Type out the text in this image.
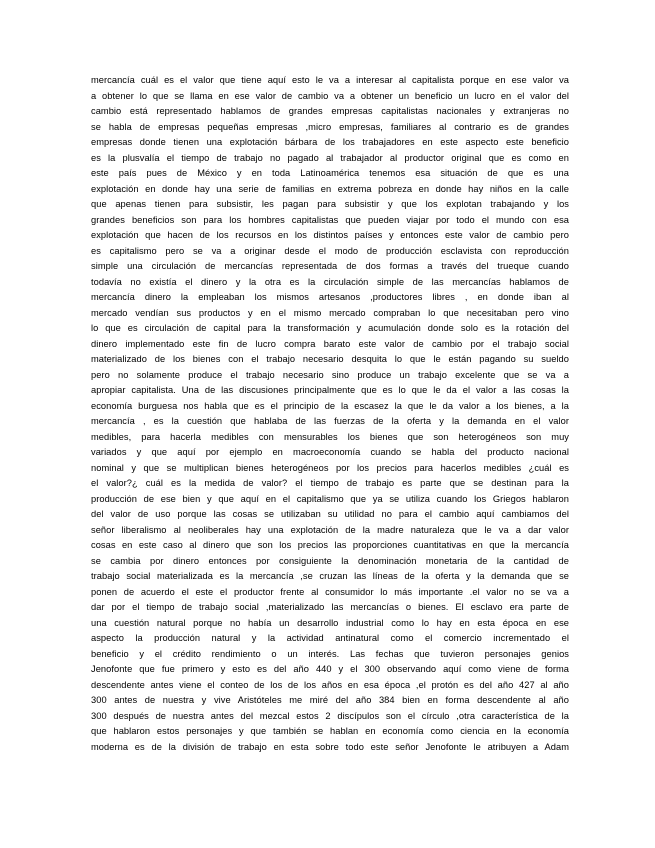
mercancía cuál es el valor que tiene aquí esto le va a interesar al capitalista porque en ese valor va
a obtener lo que se llama en ese valor de cambio va a obtener un beneficio un lucro en el valor del
cambio está representado hablamos de grandes empresas capitalistas nacionales y extranjeras no
se habla de empresas pequeñas empresas ,micro empresas, familiares al contrario es de grandes
empresas donde tienen una explotación bárbara de los trabajadores en este aspecto este beneficio
es la plusvalía el tiempo de trabajo no pagado al trabajador al productor original que es como en
este país pues de México y en toda Latinoamérica tenemos esa situación de que es una
explotación en donde hay una serie de familias en extrema pobreza en donde hay niños en la calle
que apenas tienen para subsistir, les pagan para subsistir y que los explotan trabajando y los
grandes beneficios son para los hombres capitalistas que pueden viajar por todo el mundo con esa
explotación que hacen de los recursos en los distintos países y entonces este valor de cambio pero
es capitalismo pero se va a originar desde el modo de producción esclavista con reproducción
simple una circulación de mercancías representada de dos formas a través del trueque cuando
todavía no existía el dinero y la otra es la circulación simple de las mercancías hablamos de
mercancía dinero la empleaban los mismos artesanos ,productores libres , en donde iban al
mercado vendían sus productos y en el mismo mercado compraban lo que necesitaban pero vino
lo que es circulación de capital para la transformación y acumulación donde solo es la rotación del
dinero implementado este fin de lucro compra barato este valor de cambio por el trabajo social
materializado de los bienes con el trabajo necesario desquita lo que le están pagando su sueldo
pero no solamente produce el trabajo necesario sino produce un trabajo excelente que se va a
apropiar capitalista. Una de las discusiones principalmente que es lo que le da el valor a las cosas la
economía burguesa nos habla que es el principio de la escasez la que le da valor a los bienes, a la
mercancía , es la cuestión que hablaba de las fuerzas de la oferta y la demanda en el valor
medibles, para hacerla medibles con mensurables los bienes que son heterogéneos son muy
variados y que aquí por ejemplo en macroeconomía cuando se habla del producto nacional
nominal y que se multiplican bienes heterogéneos por los precios para hacerlos medibles ¿cuál es
el valor?¿ cuál es la medida de valor? el tiempo de trabajo es parte que se destinan para la
producción de ese bien y que aquí en el capitalismo que ya se utiliza cuando los Griegos hablaron
del valor de uso porque las cosas se utilizaban su utilidad no para el cambio aquí cambiamos del
señor liberalismo al neoliberales hay una explotación de la madre naturaleza que le va a dar valor
cosas en este caso al dinero que son los precios las proporciones cuantitativas en que la mercancía
se cambia por dinero entonces por consiguiente la denominación monetaria de la cantidad de
trabajo social materializada es la mercancía ,se cruzan las líneas de la oferta y la demanda que se
ponen de acuerdo el este el productor frente al consumidor lo más importante .el valor no se va a
dar por el tiempo de trabajo social ,materializado las mercancías o bienes. El esclavo era parte de
una cuestión natural porque no había un desarrollo industrial como lo hay en esta época en ese
aspecto la producción natural y la actividad antinatural como el comercio incrementado el
beneficio y el crédito rendimiento o un interés. Las fechas que tuvieron personajes genios
Jenofonte que fue primero y esto es del año 440 y el 300 observando aquí como viene de forma
descendente antes viene el conteo de los de los años en esa época ,el protón es del año 427 al año
300 antes de nuestra y vive Aristóteles me miré del año 384 bien en forma descendente al año
300 después de nuestra antes del mezcal estos 2 discípulos son el círculo ,otra característica de la
que hablaron estos personajes y que también se hablan en economía como ciencia en la economía
moderna es de la división de trabajo en esta sobre todo este señor Jenofonte le atribuyen a Adam
